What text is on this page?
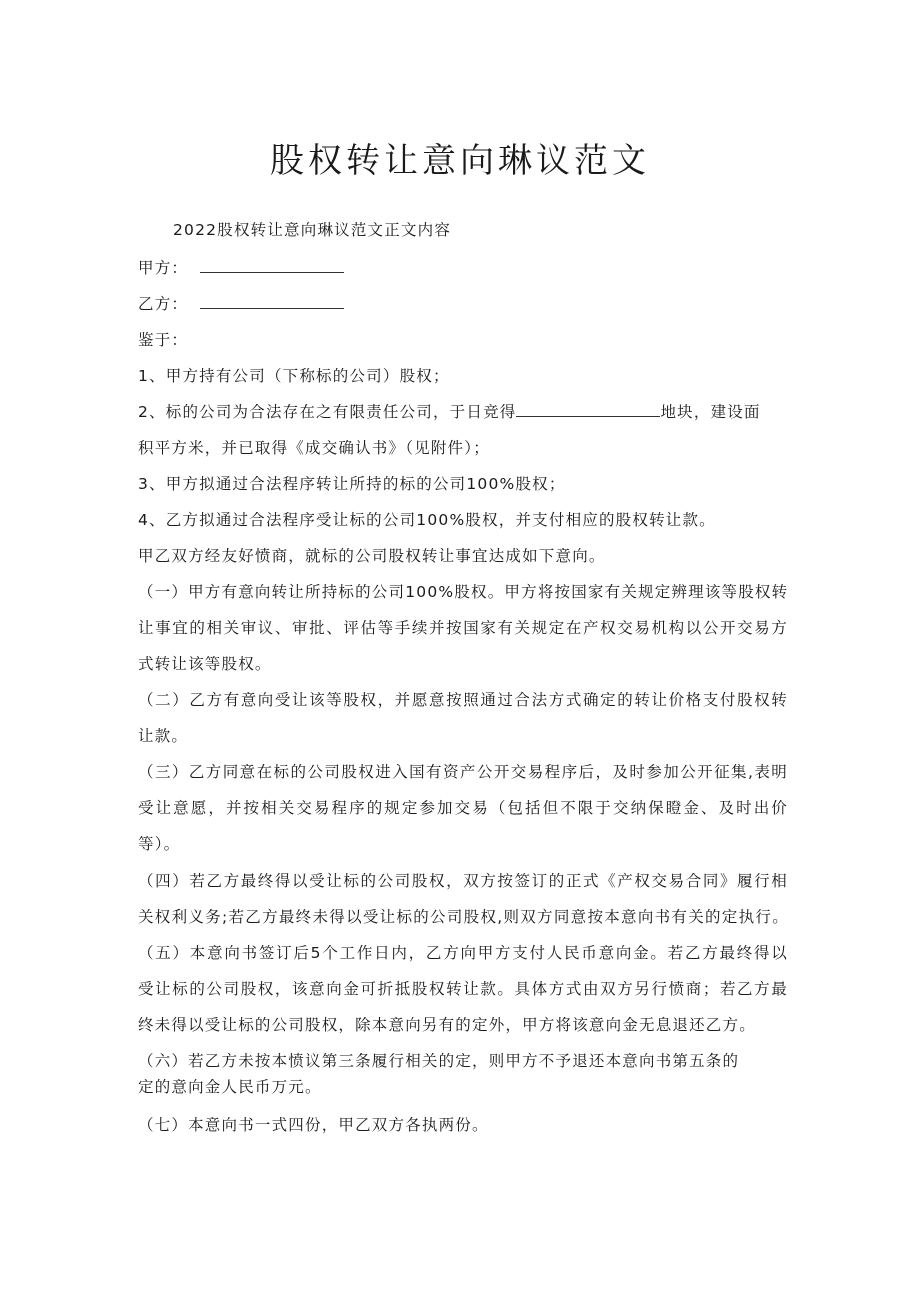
股权转让意向琳议范文
2022股权转让意向琳议范文正文内容
甲方：
乙方：
鉴于：
1、甲方持有公司（下称标的公司）股权；
2、标的公司为合法存在之有限责任公司，于日竞得	地块，建设面
积平方米，并已取得《成交确认书》（见附件）；
3、甲方拟通过合法程序转让所持的标的公司100%股权；
4、乙方拟通过合法程序受让标的公司100%股权，并支付相应的股权转让款。
甲乙双方经友好愤商，就标的公司股权转让事宜达成如下意向。
（一）甲方有意向转让所持标的公司100%股权。甲方将按国家有关规定辨理该等股权转
让事宜的相关审议、审批、评估等手续并按国家有关规定在产权交易机构以公开交易方
式转让该等股权。
（二）乙方有意向受让该等股权，并愿意按照通过合法方式确定的转让价格支付股权转
让款。
（三）乙方同意在标的公司股权进入国有资产公开交易程序后，及时参加公开征集,表明
受让意愿，并按相关交易程序的规定参加交易（包括但不限于交纳保瞪金、及时出价
等）。
（四）若乙方最终得以受让标的公司股权，双方按签订的正式《产权交易合同》履行相
关权利义务;若乙方最终未得以受让标的公司股权,则双方同意按本意向书有关的定执行。
（五）本意向书签订后5个工作日内，乙方向甲方支付人民币意向金。若乙方最终得以
受让标的公司股权，该意向金可折抵股权转让款。具体方式由双方另行愤商；若乙方最
终未得以受让标的公司股权，除本意向另有的定外，甲方将该意向金无息退还乙方。
（六）若乙方未按本愤议第三条履行相关的定，则甲方不予退还本意向书第五条的
定的意向金人民币万元。
（七）本意向书一式四份，甲乙双方各执两份。
